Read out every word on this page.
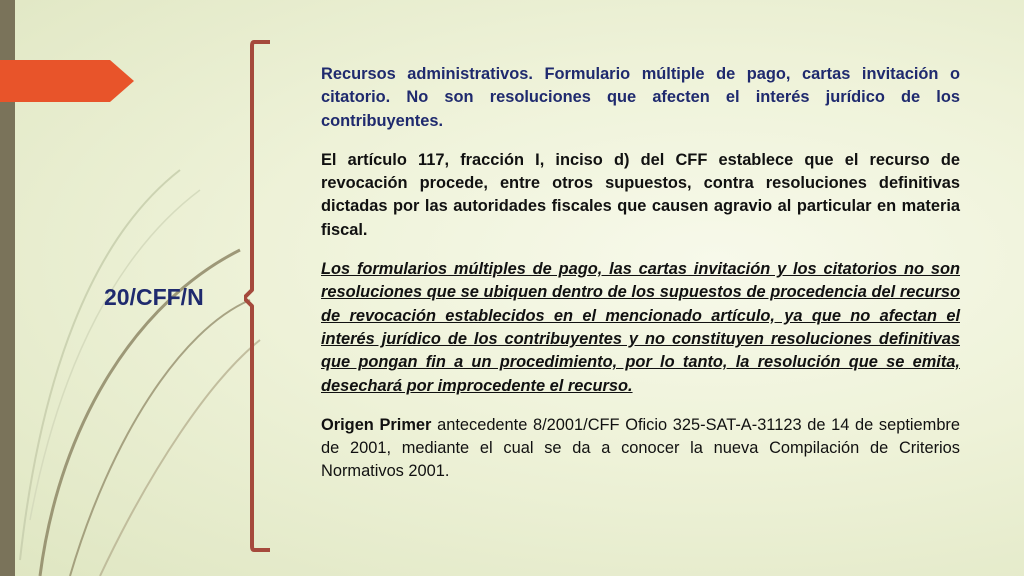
20/CFF/N

Recursos administrativos. Formulario múltiple de pago, cartas invitación o citatorio. No son resoluciones que afecten el interés jurídico de los contribuyentes.

El artículo 117, fracción I, inciso d) del CFF establece que el recurso de revocación procede, entre otros supuestos, contra resoluciones definitivas dictadas por las autoridades fiscales que causen agravio al particular en materia fiscal.

Los formularios múltiples de pago, las cartas invitación y los citatorios no son resoluciones que se ubiquen dentro de los supuestos de procedencia del recurso de revocación establecidos en el mencionado artículo, ya que no afectan el interés jurídico de los contribuyentes y no constituyen resoluciones definitivas que pongan fin a un procedimiento, por lo tanto, la resolución que se emita, desechará por improcedente el recurso.

Origen Primer antecedente 8/2001/CFF Oficio 325-SAT-A-31123 de 14 de septiembre de 2001, mediante el cual se da a conocer la nueva Compilación de Criterios Normativos 2001.
